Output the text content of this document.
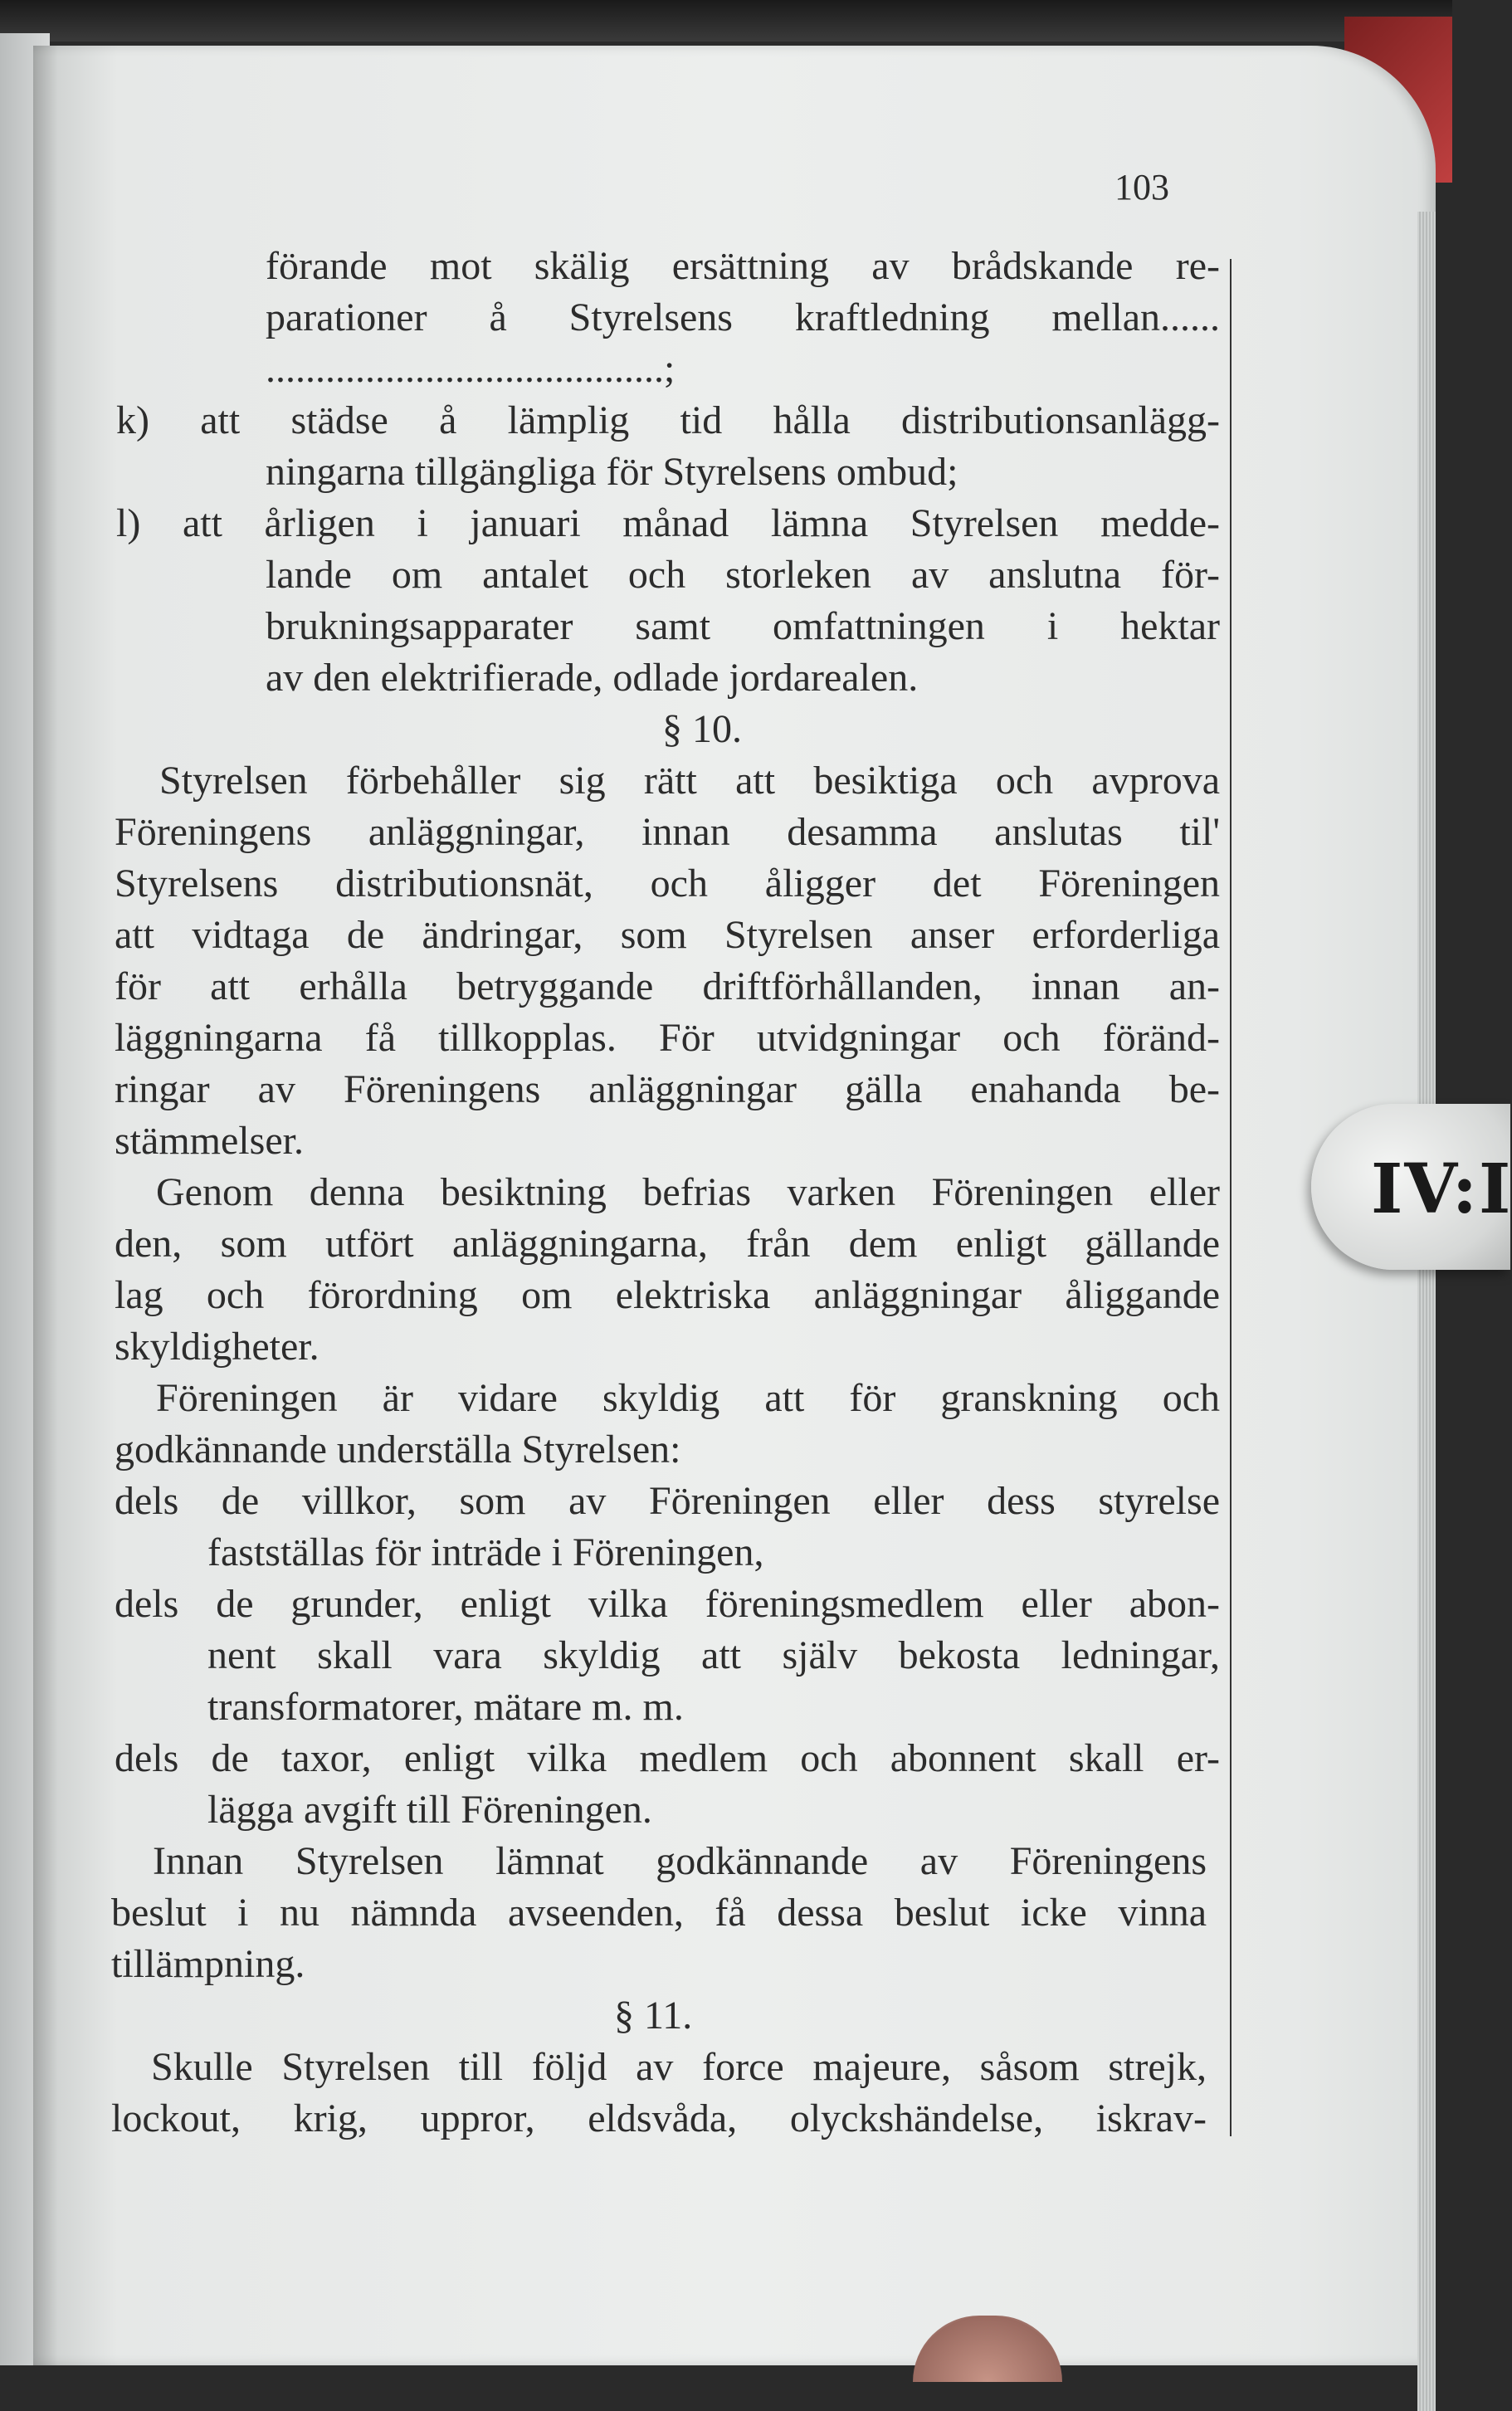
103
förande mot skälig ersättning av brådskande re-
parationer å Styrelsens kraftledning mellan......
........................................;
k) att städse å lämplig tid hålla distributionsanlägg-
ningarna tillgängliga för Styrelsens ombud;
l) att årligen i januari månad lämna Styrelsen medde-
lande om antalet och storleken av anslutna för-
brukningsapparater samt omfattningen i hektar
av den elektrifierade, odlade jordarealen.
§ 10.
Styrelsen förbehåller sig rätt att besiktiga och avprova
Föreningens anläggningar, innan desamma anslutas til'
Styrelsens distributionsnät, och åligger det Föreningen
att vidtaga de ändringar, som Styrelsen anser erforderliga
för att erhålla betryggande driftförhållanden, innan an-
läggningarna få tillkopplas. För utvidgningar och föränd-
ringar av Föreningens anläggningar gälla enahanda be-
stämmelser.
Genom denna besiktning befrias varken Föreningen eller
den, som utfört anläggningarna, från dem enligt gällande
lag och förordning om elektriska anläggningar åliggande
skyldigheter.
Föreningen är vidare skyldig att för granskning och
godkännande underställa Styrelsen:
dels de villkor, som av Föreningen eller dess styrelse
fastställas för inträde i Föreningen,
dels de grunder, enligt vilka föreningsmedlem eller abon-
nent skall vara skyldig att själv bekosta ledningar,
transformatorer, mätare m. m.
dels de taxor, enligt vilka medlem och abonnent skall er-
lägga avgift till Föreningen.
Innan Styrelsen lämnat godkännande av Föreningens
beslut i nu nämnda avseenden, få dessa beslut icke vinna
tillämpning.
§ 11.
Skulle Styrelsen till följd av force majeure, såsom strejk,
lockout, krig, uppror, eldsvåda, olyckshändelse, iskrav-
IV:I
